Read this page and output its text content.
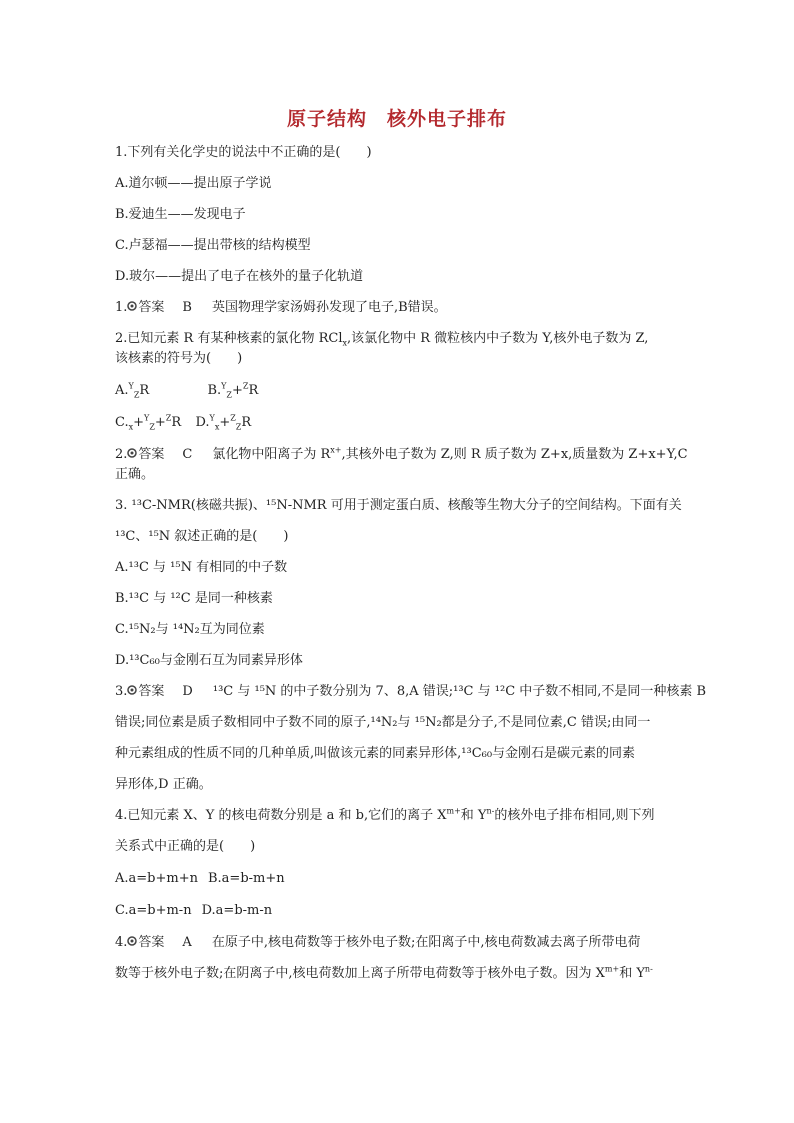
原子结构　核外电子排布
1.下列有关化学史的说法中不正确的是(　　)
A.道尔顿——提出原子学说
B.爱迪生——发现电子
C.卢瑟福——提出带核的结构模型
D.玻尔——提出了电子在核外的量子化轨道
1. 答案 B 英国物理学家汤姆孙发现了电子,B错误。
2.已知元素 R 有某种核素的氯化物 RCl$_x$,该氯化物中 R 微粒核内中子数为 Y,核外电子数为 Z,
该核素的符号为(　　)
A.$^Y_Z$R	B.$^Y_Z$+$^Z$R
$C._x+^Y_Z+^ZR$ D.$^Y_x$+$^Z_Z$R
2. 答案 C 氯化物中阳离子为 $R^{x+}$,其核外电子数为 Z,则 R 质子数为 Z+x,质量数为 Z+x+Y,C
正确。
3. ¹³C-NMR(核磁共振)、¹⁵N-NMR 可用于测定蛋白质、核酸等生物大分子的空间结构。下面有关
¹³C、¹⁵N 叙述正确的是(　　)
A.¹³C 与 ¹⁵N 有相同的中子数
B.¹³C 与 ¹²C 是同一种核素
C.¹⁵N₂与 ¹⁴N₂互为同位素
D.¹³C₆₀与金刚石互为同素异形体
3. 答案 D ¹³C 与 ¹⁵N 的中子数分别为 7、8,A 错误;¹³C 与 ¹²C 中子数不相同,不是同一种核素 B
错误;同位素是质子数相同中子数不同的原子,¹⁴N₂与 ¹⁵N₂都是分子,不是同位素,C 错误;由同一
种元素组成的性质不同的几种单质,叫做该元素的同素异形体,¹³C₆₀与金刚石是碳元素的同素
异形体,D 正确。
4.已知元素 X、Y 的核电荷数分别是 a 和 b,它们的离子 $X^{m+}$和 $Y^{n-}$的核外电子排布相同,则下列
关系式中正确的是(　　)
A.a=b+m+n B.a=b-m+n
C.a=b+m-n D.a=b-m-n
4. 答案 A 在原子中,核电荷数等于核外电子数;在阳离子中,核电荷数减去离子所带电荷
数等于核外电子数;在阴离子中,核电荷数加上离子所带电荷数等于核外电子数。因为 $X^{m+}$和 $Y^{n-}$
